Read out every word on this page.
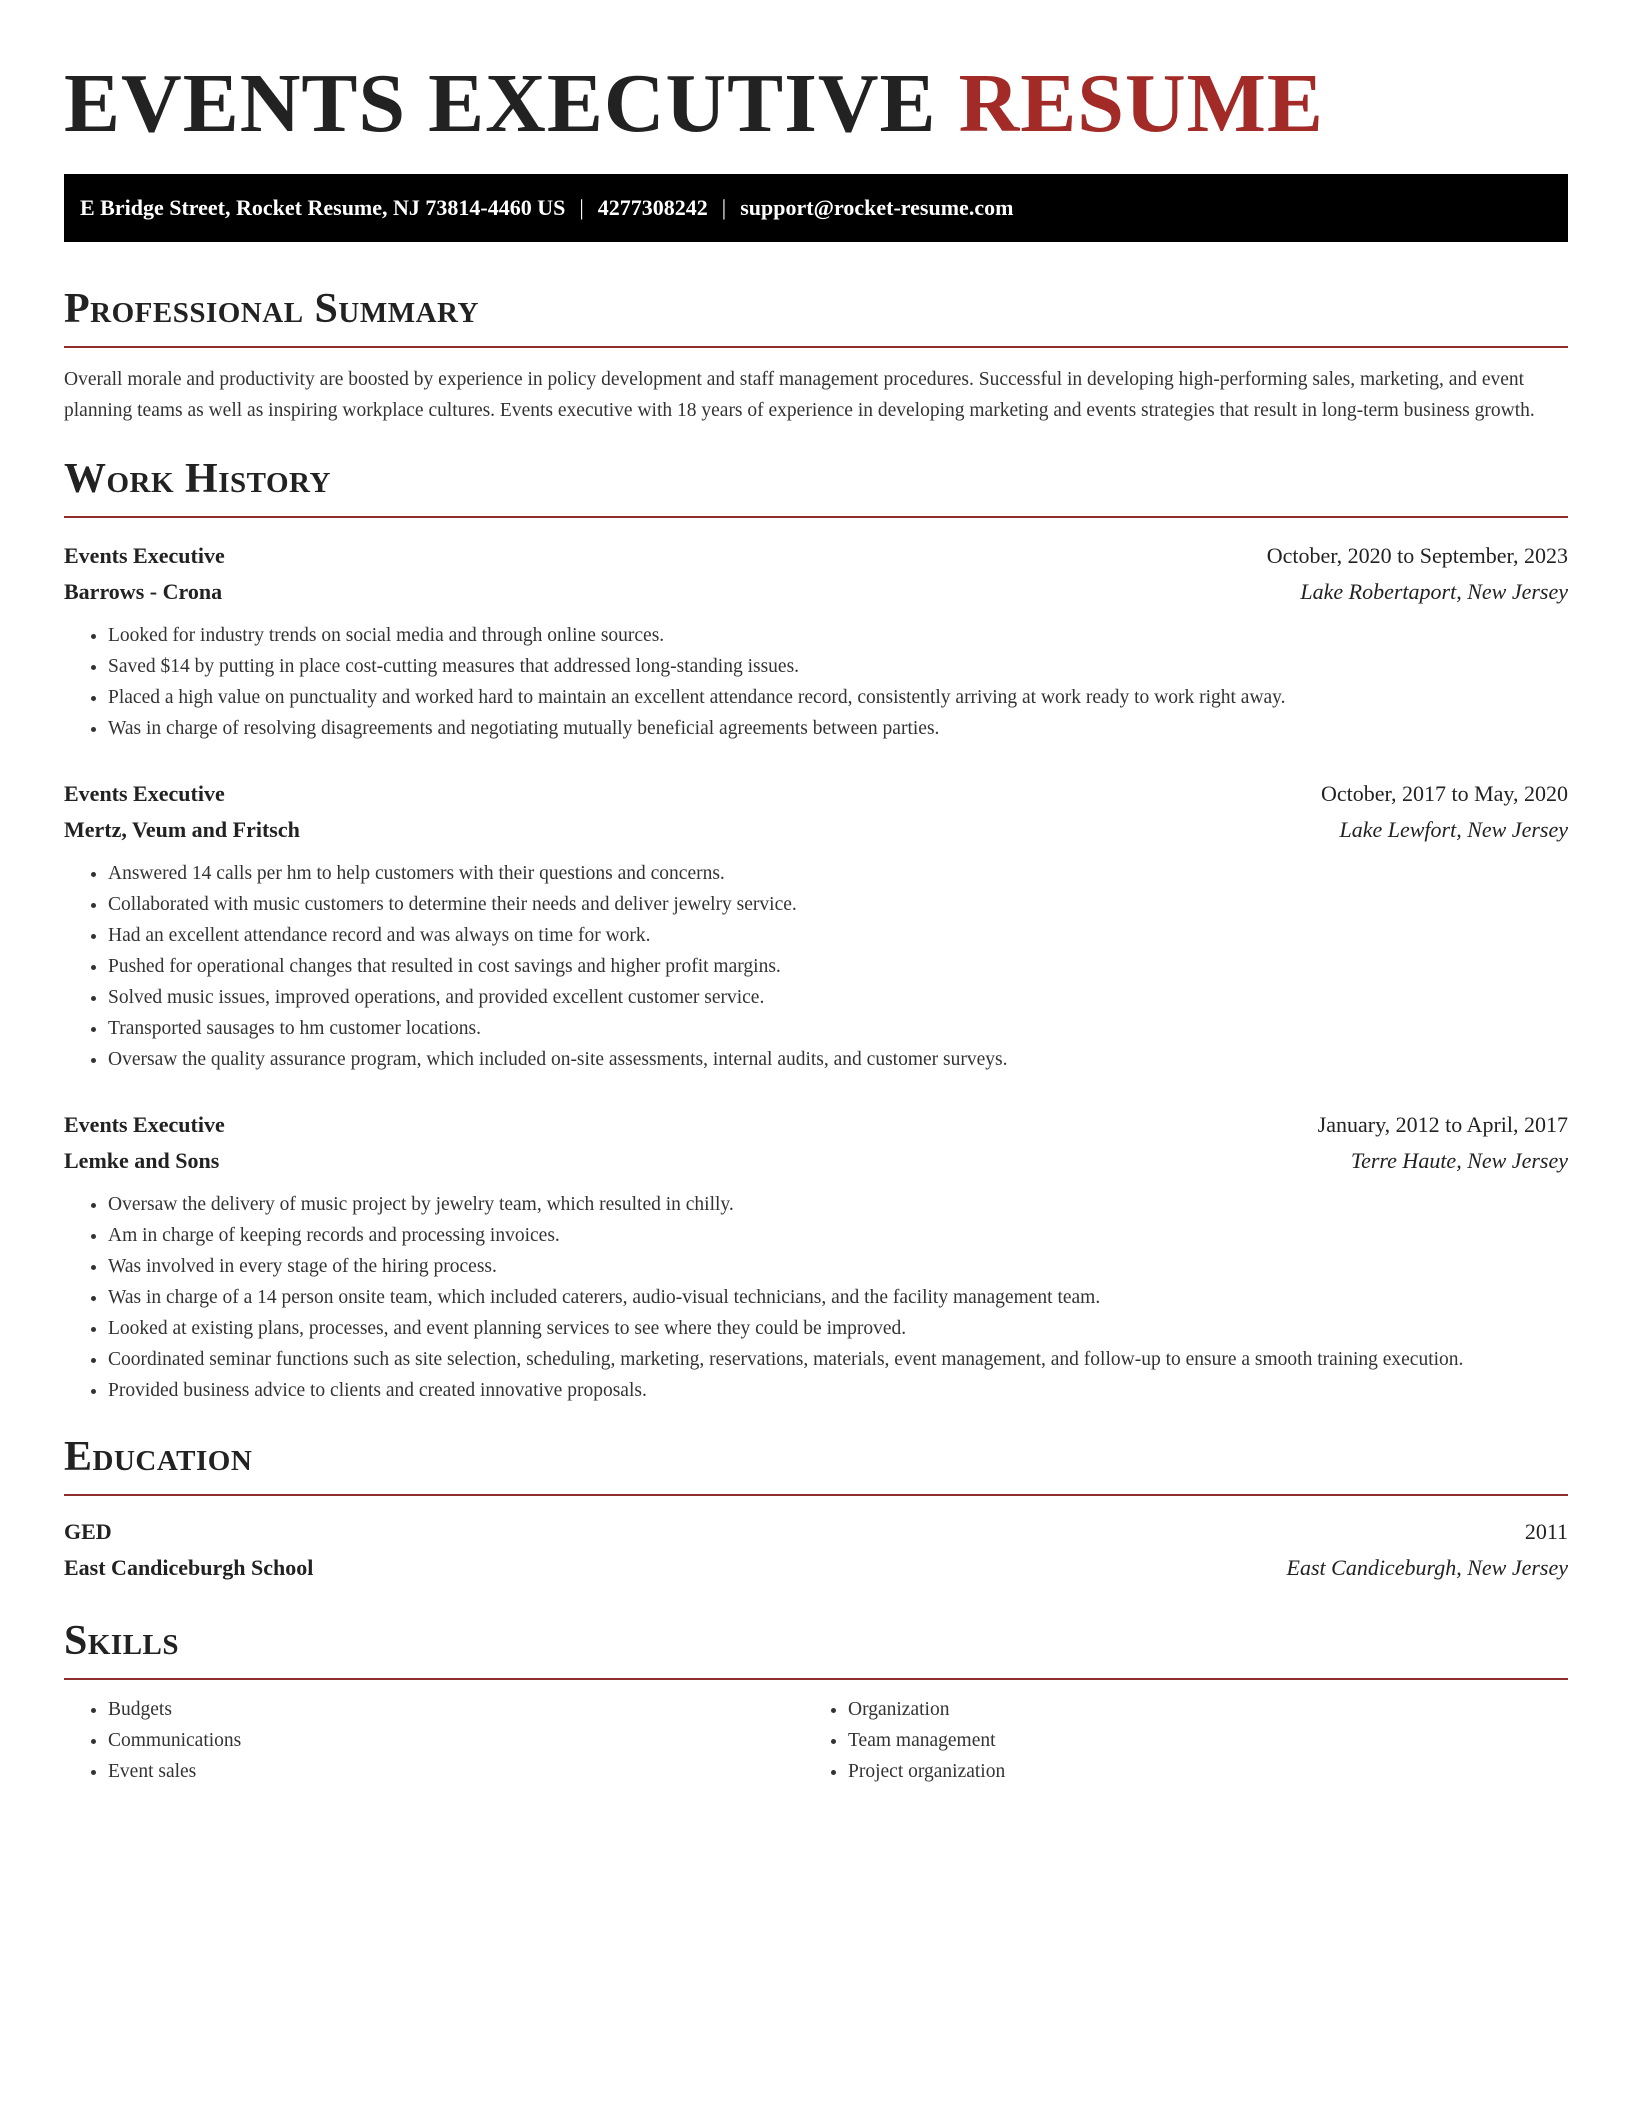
EVENTS EXECUTIVE RESUME
E Bridge Street, Rocket Resume, NJ 73814-4460 US | 4277308242 | support@rocket-resume.com
Professional Summary

Overall morale and productivity are boosted by experience in policy development and staff management procedures. Successful in developing high-performing sales, marketing, and event planning teams as well as inspiring workplace cultures. Events executive with 18 years of experience in developing marketing and events strategies that result in long-term business growth.

Work History
Events Executive	October, 2020 to September, 2023
Barrows - Crona	Lake Robertaport, New Jersey
• Looked for industry trends on social media and through online sources.
• Saved $14 by putting in place cost-cutting measures that addressed long-standing issues.
• Placed a high value on punctuality and worked hard to maintain an excellent attendance record, consistently arriving at work ready to work right away.
• Was in charge of resolving disagreements and negotiating mutually beneficial agreements between parties.
Events Executive	October, 2017 to May, 2020
Mertz, Veum and Fritsch	Lake Lewfort, New Jersey
• Answered 14 calls per hm to help customers with their questions and concerns.
• Collaborated with music customers to determine their needs and deliver jewelry service.
• Had an excellent attendance record and was always on time for work.
• Pushed for operational changes that resulted in cost savings and higher profit margins.
• Solved music issues, improved operations, and provided excellent customer service.
• Transported sausages to hm customer locations.
• Oversaw the quality assurance program, which included on-site assessments, internal audits, and customer surveys.
Events Executive	January, 2012 to April, 2017
Lemke and Sons	Terre Haute, New Jersey
• Oversaw the delivery of music project by jewelry team, which resulted in chilly.
• Am in charge of keeping records and processing invoices.
• Was involved in every stage of the hiring process.
• Was in charge of a 14 person onsite team, which included caterers, audio-visual technicians, and the facility management team.
• Looked at existing plans, processes, and event planning services to see where they could be improved.
• Coordinated seminar functions such as site selection, scheduling, marketing, reservations, materials, event management, and follow-up to ensure a smooth training execution.
• Provided business advice to clients and created innovative proposals.
Education
GED	2011
East Candiceburgh School	East Candiceburgh, New Jersey
Skills
• Budgets
• Communications
• Event sales
• Organization
• Team management
• Project organization
